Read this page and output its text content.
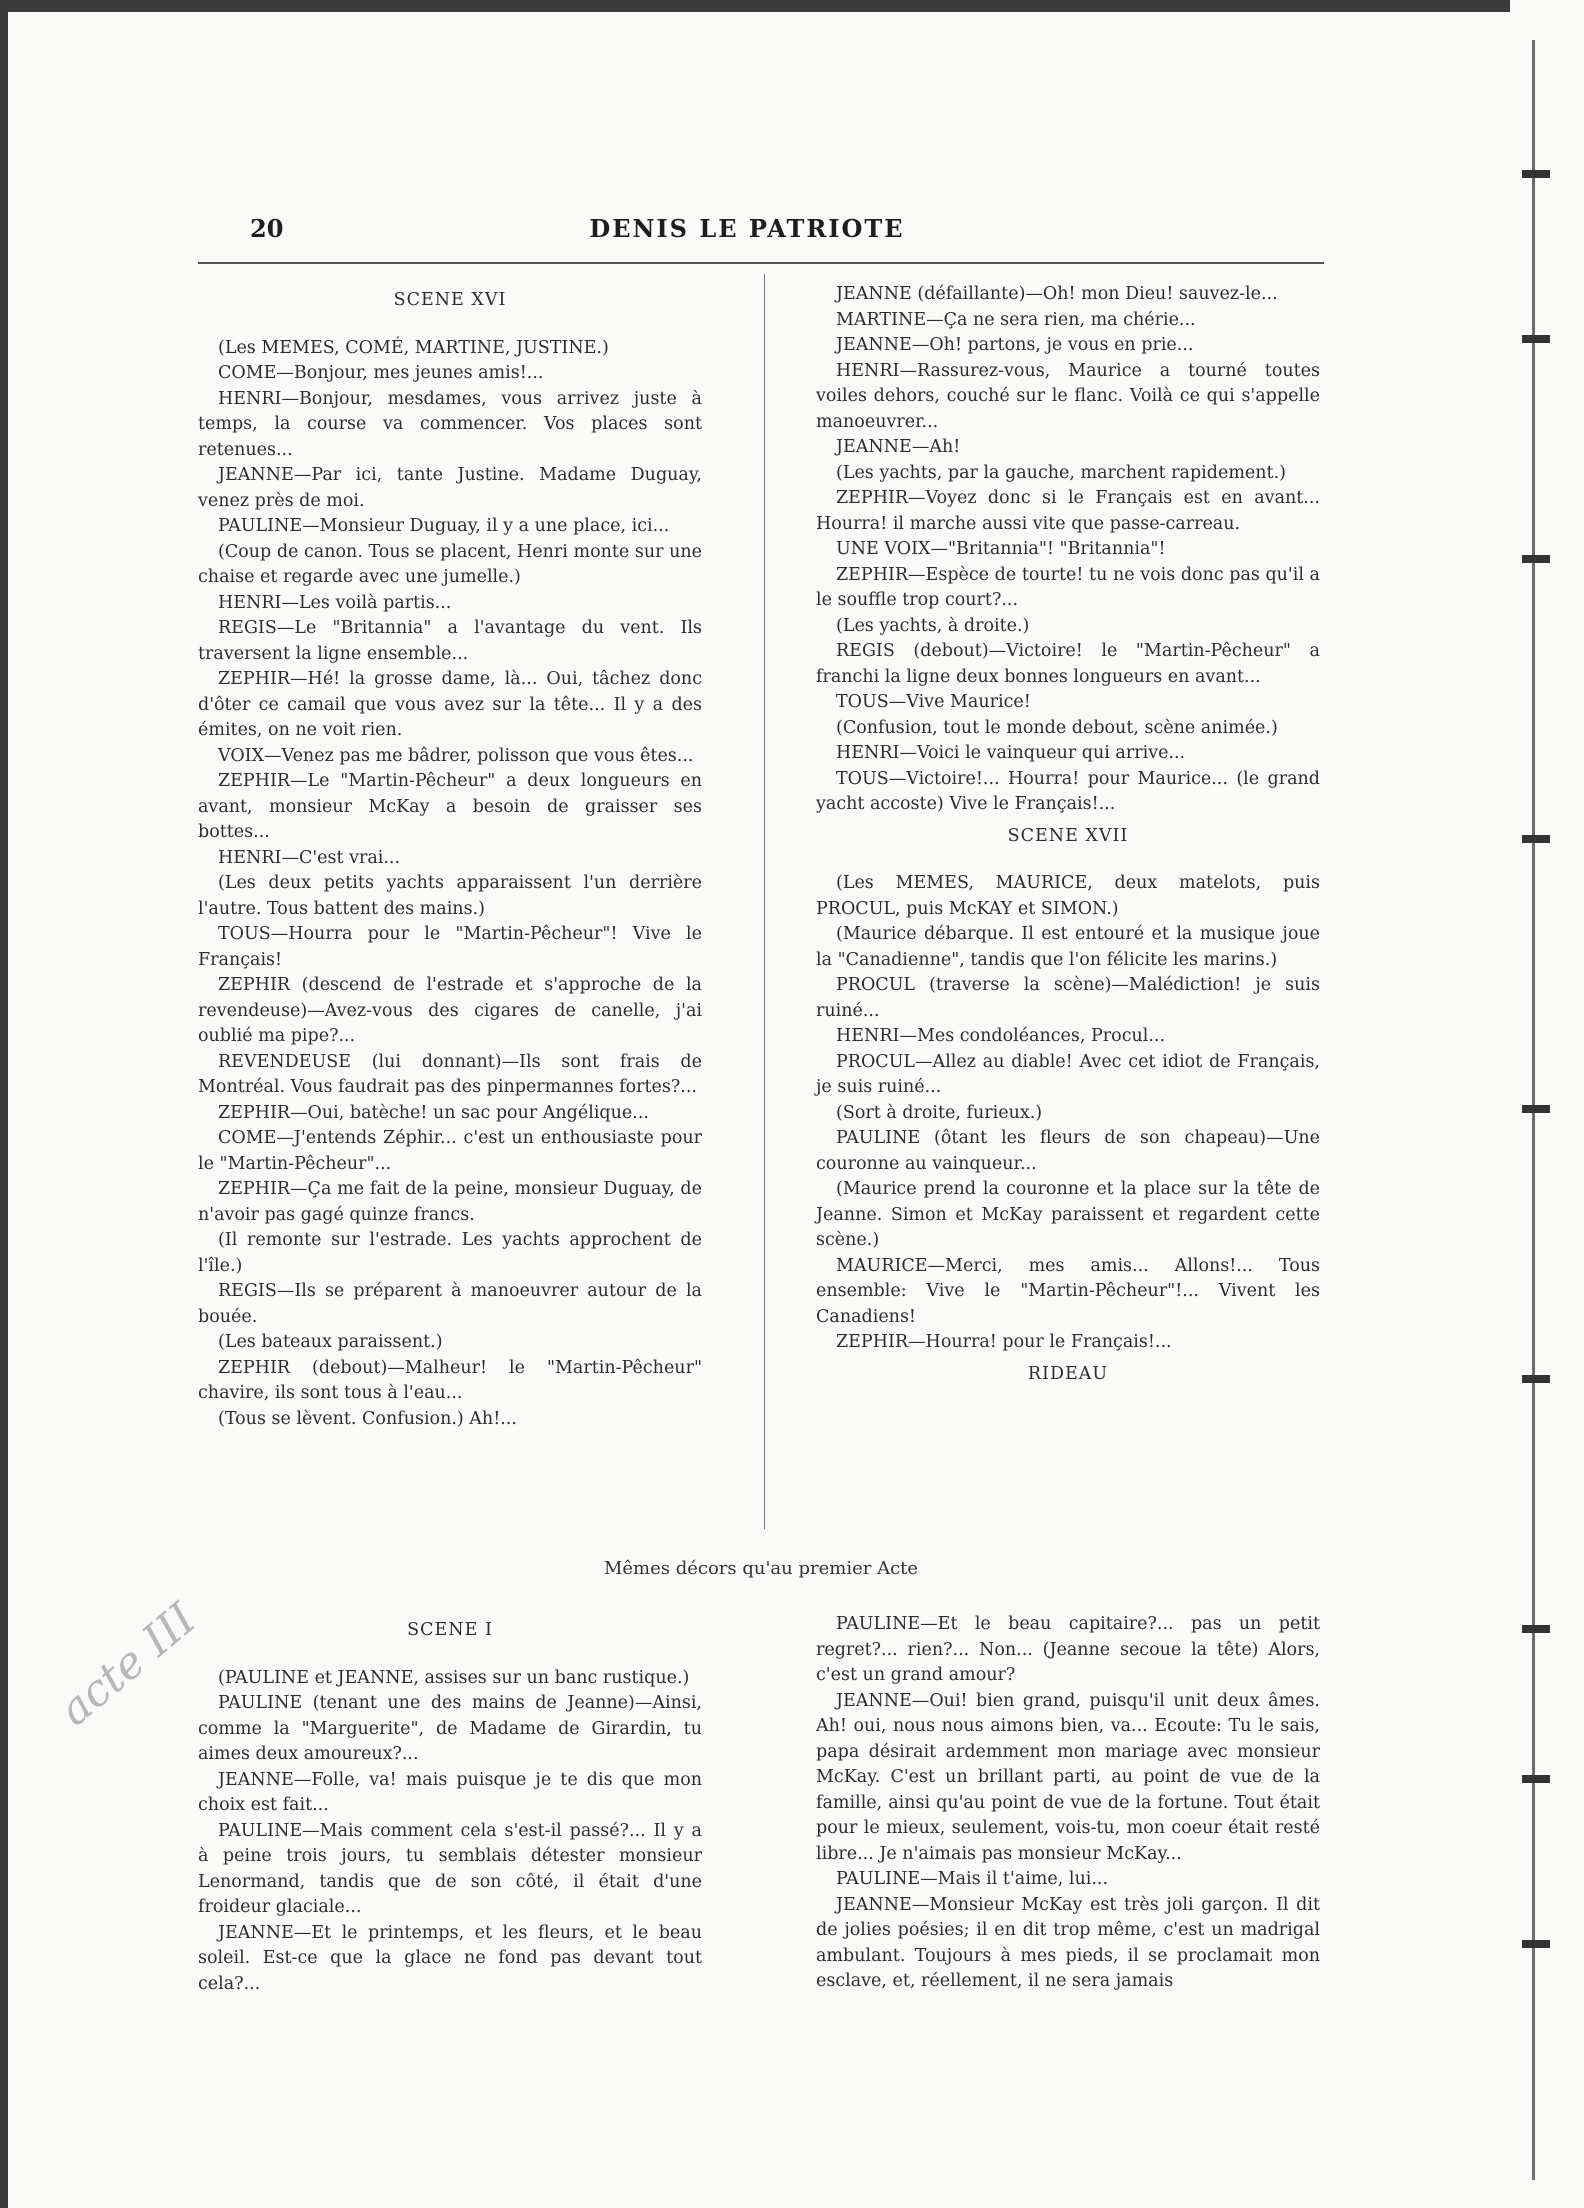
20	DENIS LE PATRIOTE

SCENE XVI

(Les MEMES, COMÉ, MARTINE, JUSTINE.)

COME—Bonjour, mes jeunes amis!...

HENRI—Bonjour, mesdames, vous arrivez juste à temps, la course va commencer. Vos places sont retenues...

JEANNE—Par ici, tante Justine. Madame Duguay, venez près de moi.

PAULINE—Monsieur Duguay, il y a une place, ici...

(Coup de canon. Tous se placent, Henri monte sur une chaise et regarde avec une jumelle.)

HENRI—Les voilà partis...

REGIS—Le "Britannia" a l'avantage du vent. Ils traversent la ligne ensemble...

ZEPHIR—Hé! la grosse dame, là... Oui, tâchez donc d'ôter ce camail que vous avez sur la tête... Il y a des émites, on ne voit rien.

VOIX—Venez pas me bâdrer, polisson que vous êtes...

ZEPHIR—Le "Martin-Pêcheur" a deux longueurs en avant, monsieur McKay a besoin de graisser ses bottes...

HENRI—C'est vrai...

(Les deux petits yachts apparaissent l'un derrière l'autre. Tous battent des mains.)

TOUS—Hourra pour le "Martin-Pêcheur"! Vive le Français!

ZEPHIR (descend de l'estrade et s'approche de la revendeuse)—Avez-vous des cigares de canelle, j'ai oublié ma pipe?...

REVENDEUSE (lui donnant)—Ils sont frais de Montréal. Vous faudrait pas des pinpermannes fortes?...

ZEPHIR—Oui, batèche! un sac pour Angélique...

COME—J'entends Zéphir... c'est un enthousiaste pour le "Martin-Pêcheur"...

ZEPHIR—Ça me fait de la peine, monsieur Duguay, de n'avoir pas gagé quinze francs.

(Il remonte sur l'estrade. Les yachts approchent de l'île.)

REGIS—Ils se préparent à manoeuvrer autour de la bouée.

(Les bateaux paraissent.)

ZEPHIR (debout)—Malheur! le "Martin-Pêcheur" chavire, ils sont tous à l'eau...

(Tous se lèvent. Confusion.) Ah!...

JEANNE (défaillante)—Oh! mon Dieu! sauvez-le...

MARTINE—Ça ne sera rien, ma chérie...

JEANNE—Oh! partons, je vous en prie...

HENRI—Rassurez-vous, Maurice a tourné toutes voiles dehors, couché sur le flanc. Voilà ce qui s'appelle manoeuvrer...

JEANNE—Ah!

(Les yachts, par la gauche, marchent rapidement.)

ZEPHIR—Voyez donc si le Français est en avant... Hourra! il marche aussi vite que passe-carreau.

UNE VOIX—"Britannia"! "Britannia"!

ZEPHIR—Espèce de tourte! tu ne vois donc pas qu'il a le souffle trop court?...

(Les yachts, à droite.)

REGIS (debout)—Victoire! le "Martin-Pêcheur" a franchi la ligne deux bonnes longueurs en avant...

TOUS—Vive Maurice!

(Confusion, tout le monde debout, scène animée.)

HENRI—Voici le vainqueur qui arrive...

TOUS—Victoire!... Hourra! pour Maurice... (le grand yacht accoste) Vive le Français!...

SCENE XVII

(Les MEMES, MAURICE, deux matelots, puis PROCUL, puis McKAY et SIMON.)

(Maurice débarque. Il est entouré et la musique joue la "Canadienne", tandis que l'on félicite les marins.)

PROCUL (traverse la scène)—Malédiction! je suis ruiné...

HENRI—Mes condoléances, Procul...

PROCUL—Allez au diable! Avec cet idiot de Français, je suis ruiné...

(Sort à droite, furieux.)

PAULINE (ôtant les fleurs de son chapeau)—Une couronne au vainqueur...

(Maurice prend la couronne et la place sur la tête de Jeanne. Simon et McKay paraissent et regardent cette scène.)

MAURICE—Merci, mes amis... Allons!... Tous ensemble: Vive le "Martin-Pêcheur"!... Vivent les Canadiens!

ZEPHIR—Hourra! pour le Français!...

RIDEAU

Mêmes décors qu'au premier Acte
acte III	SCENE I

(PAULINE et JEANNE, assises sur un banc rustique.)

PAULINE (tenant une des mains de Jeanne)—Ainsi, comme la "Marguerite", de Madame de Girardin, tu aimes deux amoureux?...

JEANNE—Folle, va! mais puisque je te dis que mon choix est fait...

PAULINE—Mais comment cela s'est-il passé?... Il y a à peine trois jours, tu semblais détester monsieur Lenormand, tandis que de son côté, il était d'une froideur glaciale...

JEANNE—Et le printemps, et les fleurs, et le beau soleil. Est-ce que la glace ne fond pas devant tout cela?...

PAULINE—Et le beau capitaire?... pas un petit regret?... rien?... Non... (Jeanne secoue la tête) Alors, c'est un grand amour?

JEANNE—Oui! bien grand, puisqu'il unit deux âmes. Ah! oui, nous nous aimons bien, va... Ecoute: Tu le sais, papa désirait ardemment mon mariage avec monsieur McKay. C'est un brillant parti, au point de vue de la famille, ainsi qu'au point de vue de la fortune. Tout était pour le mieux, seulement, vois-tu, mon coeur était resté libre... Je n'aimais pas monsieur McKay...

PAULINE—Mais il t'aime, lui...

JEANNE—Monsieur McKay est très joli garçon. Il dit de jolies poésies; il en dit trop même, c'est un madrigal ambulant. Toujours à mes pieds, il se proclamait mon esclave, et, réellement, il ne sera jamais
